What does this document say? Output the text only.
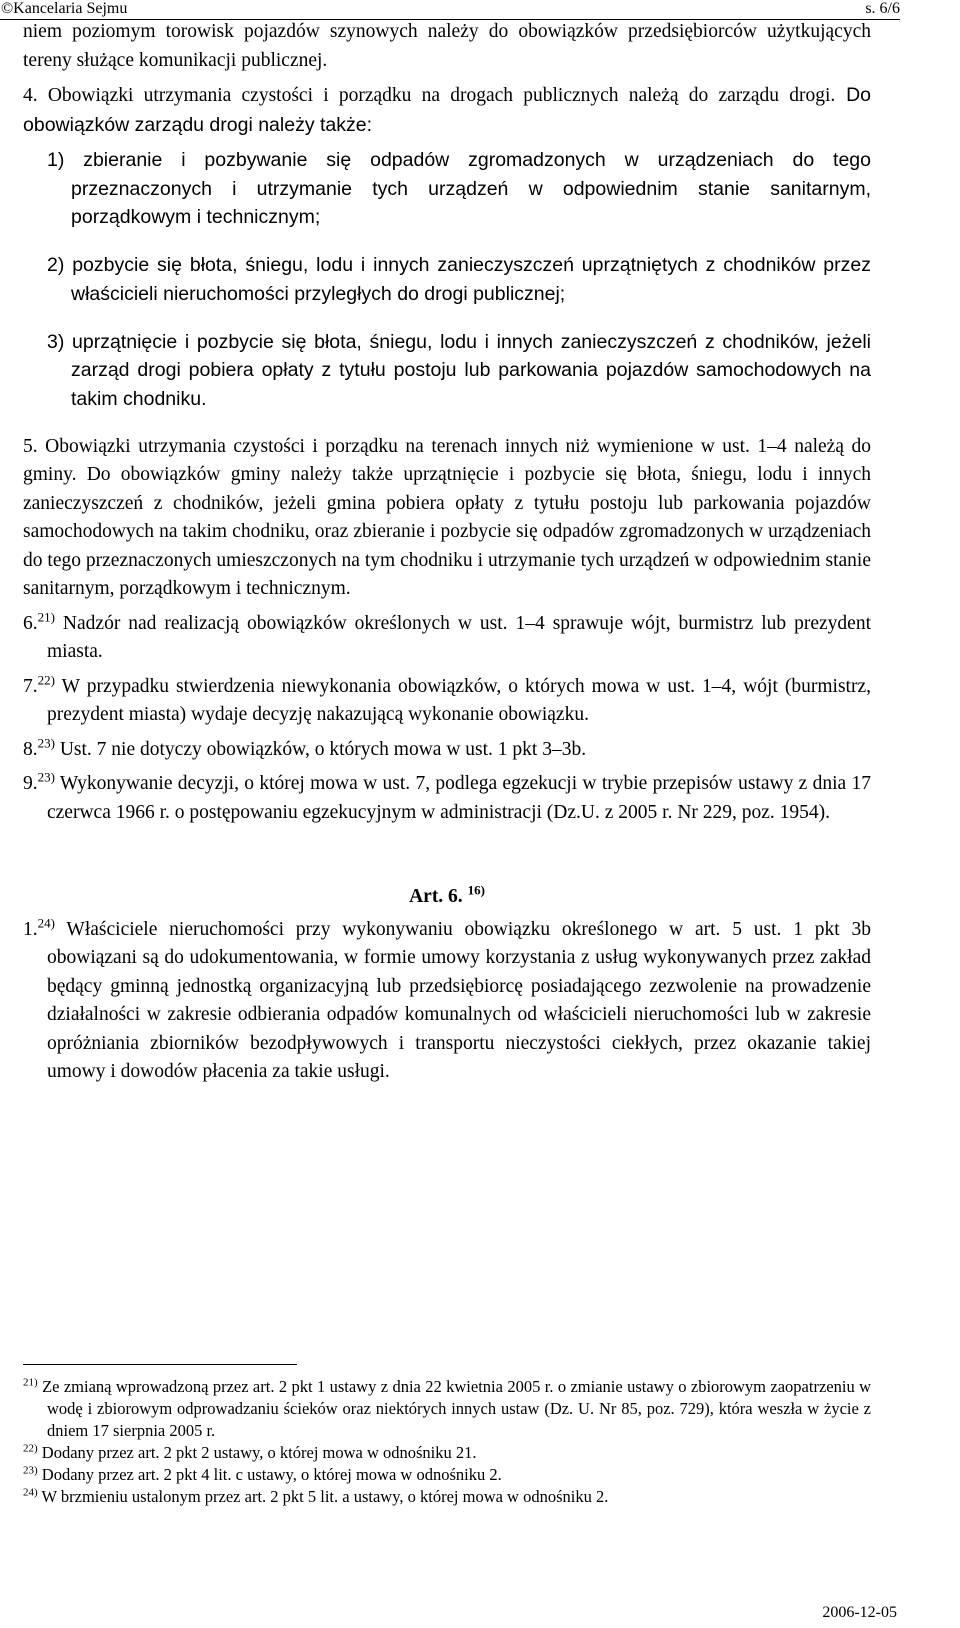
©Kancelaria Sejmu	s. 6/6

niem poziomym torowisk pojazdów szynowych należy do obowiązków przedsiębiorców użytkujących tereny służące komunikacji publicznej.

4. Obowiązki utrzymania czystości i porządku na drogach publicznych należą do zarządu drogi. Do obowiązków zarządu drogi należy także:

1) zbieranie i pozbywanie się odpadów zgromadzonych w urządzeniach do tego przeznaczonych i utrzymanie tych urządzeń w odpowiednim stanie sanitarnym, porządkowym i technicznym;

2) pozbycie się błota, śniegu, lodu i innych zanieczyszczeń uprzątniętych z chodników przez właścicieli nieruchomości przyległych do drogi publicznej;

3) uprzątnięcie i pozbycie się błota, śniegu, lodu i innych zanieczyszczeń z chodników, jeżeli zarząd drogi pobiera opłaty z tytułu postoju lub parkowania pojazdów samochodowych na takim chodniku.

5. Obowiązki utrzymania czystości i porządku na terenach innych niż wymienione w ust. 1–4 należą do gminy. Do obowiązków gminy należy także uprzątnięcie i pozbycie się błota, śniegu, lodu i innych zanieczyszczeń z chodników, jeżeli gmina pobiera opłaty z tytułu postoju lub parkowania pojazdów samochodowych na takim chodniku, oraz zbieranie i pozbycie się odpadów zgromadzonych w urządzeniach do tego przeznaczonych umieszczonych na tym chodniku i utrzymanie tych urządzeń w odpowiednim stanie sanitarnym, porządkowym i technicznym.

6.$^{21)}$ Nadzór nad realizacją obowiązków określonych w ust. 1–4 sprawuje wójt, burmistrz lub prezydent miasta.

7.$^{22)}$ W przypadku stwierdzenia niewykonania obowiązków, o których mowa w ust. 1–4, wójt (burmistrz, prezydent miasta) wydaje decyzję nakazującą wykonanie obowiązku.

8.$^{23)}$ Ust. 7 nie dotyczy obowiązków, o których mowa w ust. 1 pkt 3–3b.

9.$^{23)}$ Wykonywanie decyzji, o której mowa w ust. 7, podlega egzekucji w trybie przepisów ustawy z dnia 17 czerwca 1966 r. o postępowaniu egzekucyjnym w administracji (Dz.U. z 2005 r. Nr 229, poz. 1954).

Art. 6. $^{16)}$

1.$^{24)}$ Właściciele nieruchomości przy wykonywaniu obowiązku określonego w art. 5 ust. 1 pkt 3b obowiązani są do udokumentowania, w formie umowy korzystania z usług wykonywanych przez zakład będący gminną jednostką organizacyjną lub przedsiębiorcę posiadającego zezwolenie na prowadzenie działalności w zakresie odbierania odpadów komunalnych od właścicieli nieruchomości lub w zakresie opróżniania zbiorników bezodpływowych i transportu nieczystości ciekłych, przez okazanie takiej umowy i dowodów płacenia za takie usługi.

$^{21)}$ Ze zmianą wprowadzoną przez art. 2 pkt 1 ustawy z dnia 22 kwietnia 2005 r. o zmianie ustawy o zbiorowym zaopatrzeniu w wodę i zbiorowym odprowadzaniu ścieków oraz niektórych innych ustaw (Dz. U. Nr 85, poz. 729), która weszła w życie z dniem 17 sierpnia 2005 r.

$^{22)}$ Dodany przez art. 2 pkt 2 ustawy, o której mowa w odnośniku 21.

$^{23)}$ Dodany przez art. 2 pkt 4 lit. c ustawy, o której mowa w odnośniku 2.

$^{24)}$ W brzmieniu ustalonym przez art. 2 pkt 5 lit. a ustawy, o której mowa w odnośniku 2.

2006-12-05
